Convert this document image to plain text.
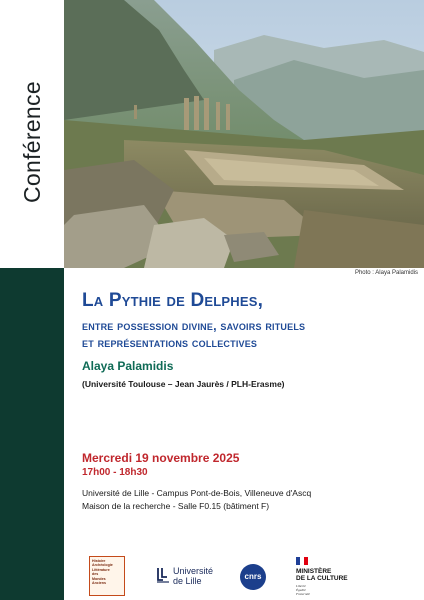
Conférence
Photo : Alaya Palamidis
La Pythie de Delphes,
entre possession divine, savoirs rituels
et représentations collectives
Alaya Palamidis
(Université Toulouse – Jean Jaurès / PLH-Erasme)
Mercredi 19 novembre 2025
17h00 - 18h30
Université de Lille - Campus Pont-de-Bois, Villeneuve d'Ascq
Maison de la recherche - Salle F0.15 (bâtiment F)
Histoire
Archéologie
Littérature
des
Mondes
Anciens
Université
de Lille	cnrs
MINISTÈRE
DE LA CULTURE
Liberté
Égalité
Fraternité
